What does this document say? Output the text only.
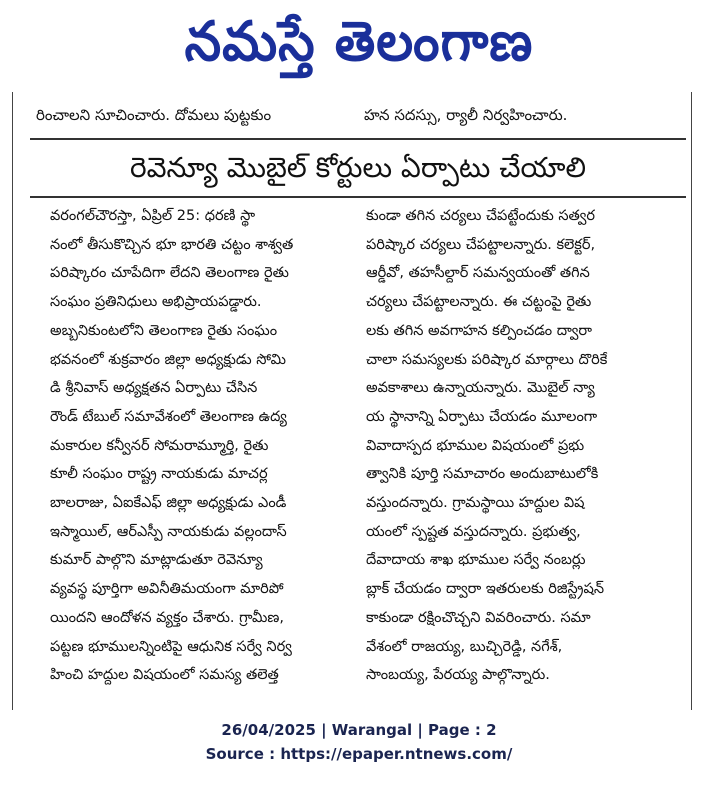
నమస్తే తెలంగాణ
రించాలని సూచించారు. దోమలు పుట్టకుం	హన సదస్సు, ర్యాలీ నిర్వహించారు.
రెవెన్యూ మొబైల్ కోర్టులు ఏర్పాటు చేయాలి
వరంగల్‌చౌరస్తా, ఏప్రిల్ 25: ధరణి స్థా
నంలో తీసుకొచ్చిన భూ భారతి చట్టం శాశ్వత
పరిష్కారం చూపేదిగా లేదని తెలంగాణ రైతు
సంఘం ప్రతినిధులు అభిప్రాయపడ్డారు.
అబ్బనికుంటలోని తెలంగాణ రైతు సంఘం
భవనంలో శుక్రవారం జిల్లా అధ్యక్షుడు సోమి
డి శ్రీనివాస్ అధ్యక్షతన ఏర్పాటు చేసిన
రౌండ్ టేబుల్ సమావేశంలో తెలంగాణ ఉద్య
మకారుల కన్వీనర్ సోమరామ్మూర్తి, రైతు
కూలీ సంఘం రాష్ట్ర నాయకుడు మాచర్ల
బాలరాజు, ఏఐకేఎఫ్ జిల్లా అధ్యక్షుడు ఎండీ
ఇస్మాయిల్, ఆర్ఎస్పీ నాయకుడు వల్లందాస్
కుమార్ పాల్గొని మాట్లాడుతూ రెవెన్యూ
వ్యవస్థ పూర్తిగా అవినీతిమయంగా మారిపో
యిందని ఆందోళన వ్యక్తం చేశారు. గ్రామీణ,
పట్టణ భూములన్నింటిపై ఆధునిక సర్వే నిర్వ
హించి హద్దుల విషయంలో సమస్య తలెత్త
కుండా తగిన చర్యలు చేపట్టేందుకు సత్వర
పరిష్కార చర్యలు చేపట్టాలన్నారు. కలెక్టర్,
ఆర్డీవో, తహసీల్దార్ సమన్వయంతో తగిన
చర్యలు చేపట్టాలన్నారు. ఈ చట్టంపై రైతు
లకు తగిన అవగాహన కల్పించడం ద్వారా
చాలా సమస్యలకు పరిష్కార మార్గాలు దొరికే
అవకాశాలు ఉన్నాయన్నారు. మొబైల్ న్యా
య స్థానాన్ని ఏర్పాటు చేయడం మూలంగా
వివాదాస్పద భూముల విషయంలో ప్రభు
త్వానికి పూర్తి సమాచారం అందుబాటులోకి
వస్తుందన్నారు. గ్రామస్థాయి హద్దుల విష
యంలో స్పష్టత వస్తుదన్నారు. ప్రభుత్వ,
దేవాదాయ శాఖ భూముల సర్వే నంబర్లు
బ్లాక్ చేయడం ద్వారా ఇతరులకు రిజిస్ట్రేషన్
కాకుండా రక్షించొచ్చని వివరించారు. సమా
వేశంలో రాజయ్య, బుచ్చిరెడ్డి, నగేశ్,
సాంబయ్య, పేరయ్య పాల్గొన్నారు.
26/04/2025 | Warangal | Page : 2
Source : https://epaper.ntnews.com/
